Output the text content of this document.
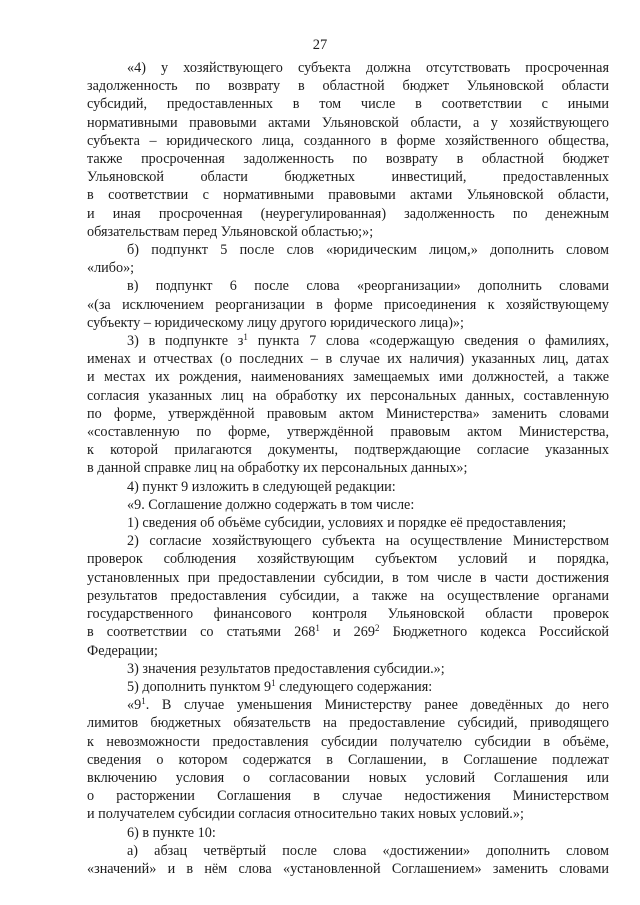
27
«4) у хозяйствующего субъекта должна отсутствовать просроченная
задолженность по возврату в областной бюджет Ульяновской области
субсидий, предоставленных в том числе в соответствии с иными
нормативными правовыми актами Ульяновской области, а у хозяйствующего
субъекта – юридического лица, созданного в форме хозяйственного общества,
также просроченная задолженность по возврату в областной бюджет
Ульяновской области бюджетных инвестиций, предоставленных
в соответствии с нормативными правовыми актами Ульяновской области,
и иная просроченная (неурегулированная) задолженность по денежным
обязательствам перед Ульяновской областью;»;
б) подпункт 5 после слов «юридическим лицом,» дополнить словом
«либо»;
в) подпункт 6 после слова «реорганизации» дополнить словами
«(за исключением реорганизации в форме присоединения к хозяйствующему
субъекту – юридическому лицу другого юридического лица)»;
3) в подпункте $з^1$ пункта 7 слова «содержащую сведения о фамилиях,
именах и отчествах (о последних – в случае их наличия) указанных лиц, датах
и местах их рождения, наименованиях замещаемых ими должностей, а также
согласия указанных лиц на обработку их персональных данных, составленную
по форме, утверждённой правовым актом Министерства» заменить словами
«составленную по форме, утверждённой правовым актом Министерства,
к которой прилагаются документы, подтверждающие согласие указанных
в данной справке лиц на обработку их персональных данных»;
4) пункт 9 изложить в следующей редакции:
«9. Соглашение должно содержать в том числе:
1) сведения об объёме субсидии, условиях и порядке её предоставления;
2) согласие хозяйствующего субъекта на осуществление Министерством
проверок соблюдения хозяйствующим субъектом условий и порядка,
установленных при предоставлении субсидии, в том числе в части достижения
результатов предоставления субсидии, а также на осуществление органами
государственного финансового контроля Ульяновской области проверок
в соответствии со статьями $268^1$ и $269^2$ Бюджетного кодекса Российской
Федерации;
3) значения результатов предоставления субсидии.»;
5) дополнить пунктом $9^1$ следующего содержания:
«$9^1$. В случае уменьшения Министерству ранее доведённых до него
лимитов бюджетных обязательств на предоставление субсидий, приводящего
к невозможности предоставления субсидии получателю субсидии в объёме,
сведения о котором содержатся в Соглашении, в Соглашение подлежат
включению условия о согласовании новых условий Соглашения или
о расторжении Соглашения в случае недостижения Министерством
и получателем субсидии согласия относительно таких новых условий.»;
6) в пункте 10:
а) абзац четвёртый после слова «достижении» дополнить словом
«значений» и в нём слова «установленной Соглашением» заменить словами
